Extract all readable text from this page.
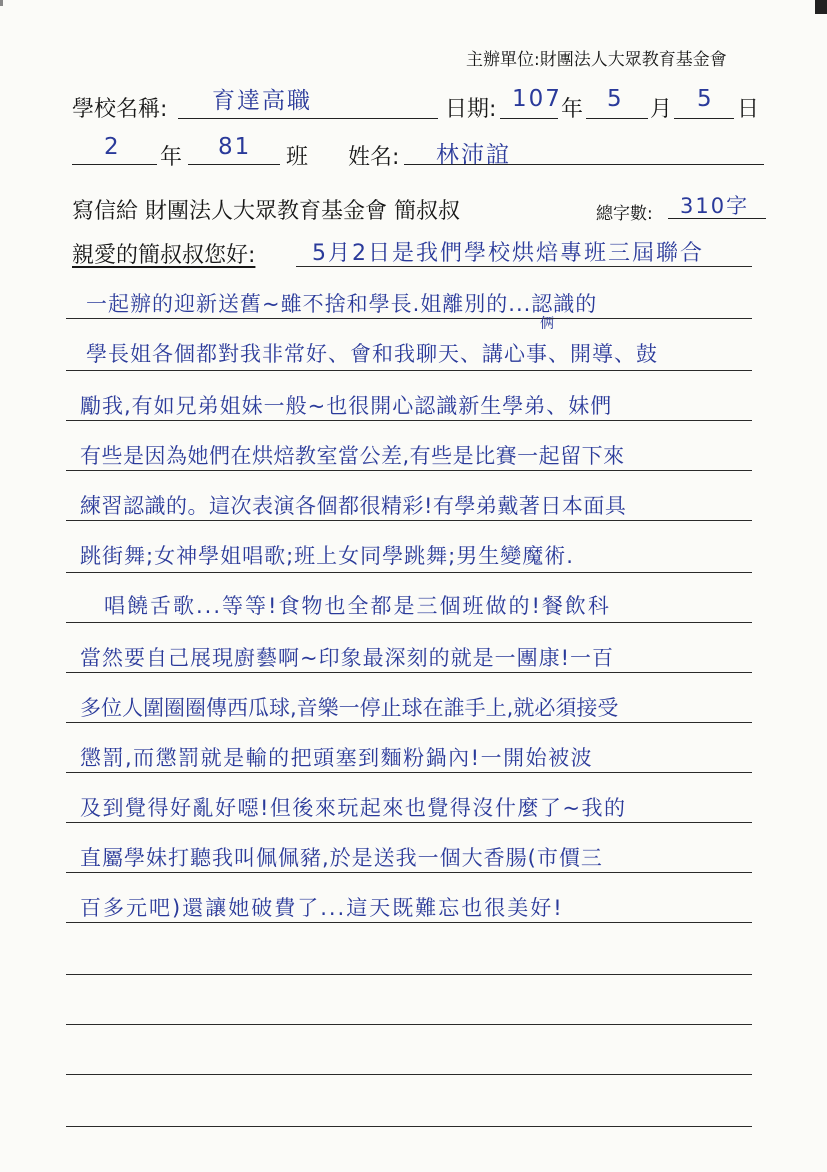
主辦單位:財團法人大眾教育基金會
學校名稱: 育達高職	日期: 107 年 5 月 5 日
2 年 81 班 姓名: 林沛誼
寫信給 財團法人大眾教育基金會 簡叔叔	總字數: 310字
親愛的簡叔叔您好:	5月2日是我們學校烘焙專班三屆聯合
一起辦的迎新送舊~雖不捨和學長.姐離別的...認識的
學長姐各個都對我非常好、會和我聊天、講心事、開導、鼓
勵我,有如兄弟姐妹一般~也很開心認識新生學弟、妹們
有些是因為她們在烘焙教室當公差,有些是比賽一起留下來
練習認識的。這次表演各個都很精彩!有學弟戴著日本面具
跳街舞;女神學姐唱歌;班上女同學跳舞;男生變魔術.
唱饒舌歌...等等!食物也全都是三個班做的!餐飲科
當然要自己展現廚藝啊~印象最深刻的就是一團康!一百
多位人圍圈圈傳西瓜球,音樂一停止球在誰手上,就必須接受
懲罰,而懲罰就是輸的把頭塞到麵粉鍋內!一開始被波
及到覺得好亂好噁!但後來玩起來也覺得沒什麼了~我的
直屬學妹打聽我叫佩佩豬,於是送我一個大香腸(市價三
百多元吧)還讓她破費了...這天既難忘也很美好!
俩
